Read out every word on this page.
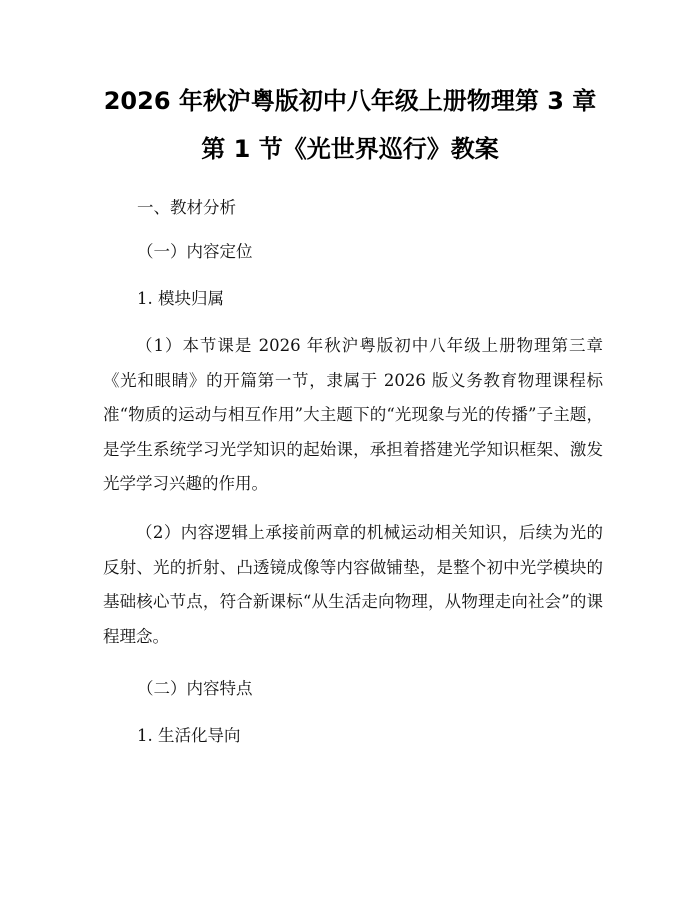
2026 年秋沪粤版初中八年级上册物理第 3 章
第 1 节《光世界巡行》教案
一、教材分析
（一）内容定位
1. 模块归属
（1）本节课是 2026 年秋沪粤版初中八年级上册物理第三章《光和眼睛》的开篇第一节，隶属于 2026 版义务教育物理课程标准“物质的运动与相互作用”大主题下的“光现象与光的传播”子主题，是学生系统学习光学知识的起始课，承担着搭建光学知识框架、激发光学学习兴趣的作用。
（2）内容逻辑上承接前两章的机械运动相关知识，后续为光的反射、光的折射、凸透镜成像等内容做铺垫，是整个初中光学模块的基础核心节点，符合新课标“从生活走向物理，从物理走向社会”的课程理念。
（二）内容特点
1. 生活化导向
